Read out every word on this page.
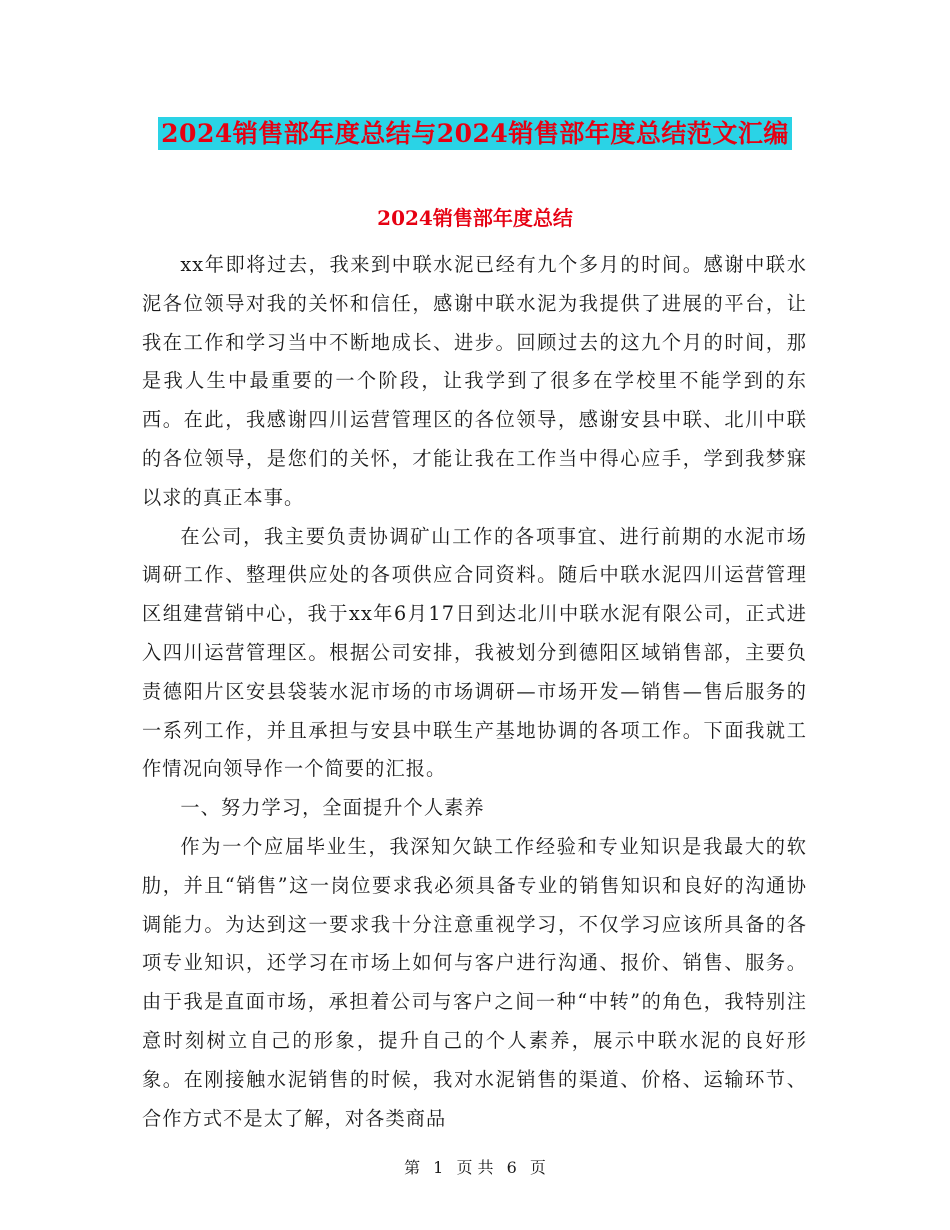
2024销售部年度总结与2024销售部年度总结范文汇编
2024销售部年度总结

xx年即将过去，我来到中联水泥已经有九个多月的时间。感谢中联水泥各位领导对我的关怀和信任，感谢中联水泥为我提供了进展的平台，让我在工作和学习当中不断地成长、进步。回顾过去的这九个月的时间，那是我人生中最重要的一个阶段，让我学到了很多在学校里不能学到的东西。在此，我感谢四川运营管理区的各位领导，感谢安县中联、北川中联的各位领导，是您们的关怀，才能让我在工作当中得心应手，学到我梦寐以求的真正本事。

在公司，我主要负责协调矿山工作的各项事宜、进行前期的水泥市场调研工作、整理供应处的各项供应合同资料。随后中联水泥四川运营管理区组建营销中心，我于xx年6月17日到达北川中联水泥有限公司，正式进入四川运营管理区。根据公司安排，我被划分到德阳区域销售部，主要负责德阳片区安县袋装水泥市场的市场调研—市场开发—销售—售后服务的一系列工作，并且承担与安县中联生产基地协调的各项工作。下面我就工作情况向领导作一个简要的汇报。

一、努力学习，全面提升个人素养

作为一个应届毕业生，我深知欠缺工作经验和专业知识是我最大的软肋，并且“销售”这一岗位要求我必须具备专业的销售知识和良好的沟通协调能力。为达到这一要求我十分注意重视学习，不仅学习应该所具备的各项专业知识，还学习在市场上如何与客户进行沟通、报价、销售、服务。由于我是直面市场，承担着公司与客户之间一种“中转”的角色，我特别注意时刻树立自己的形象，提升自己的个人素养，展示中联水泥的良好形象。在刚接触水泥销售的时候，我对水泥销售的渠道、价格、运输环节、合作方式不是太了解，对各类商品

第 1 页 共 6 页
